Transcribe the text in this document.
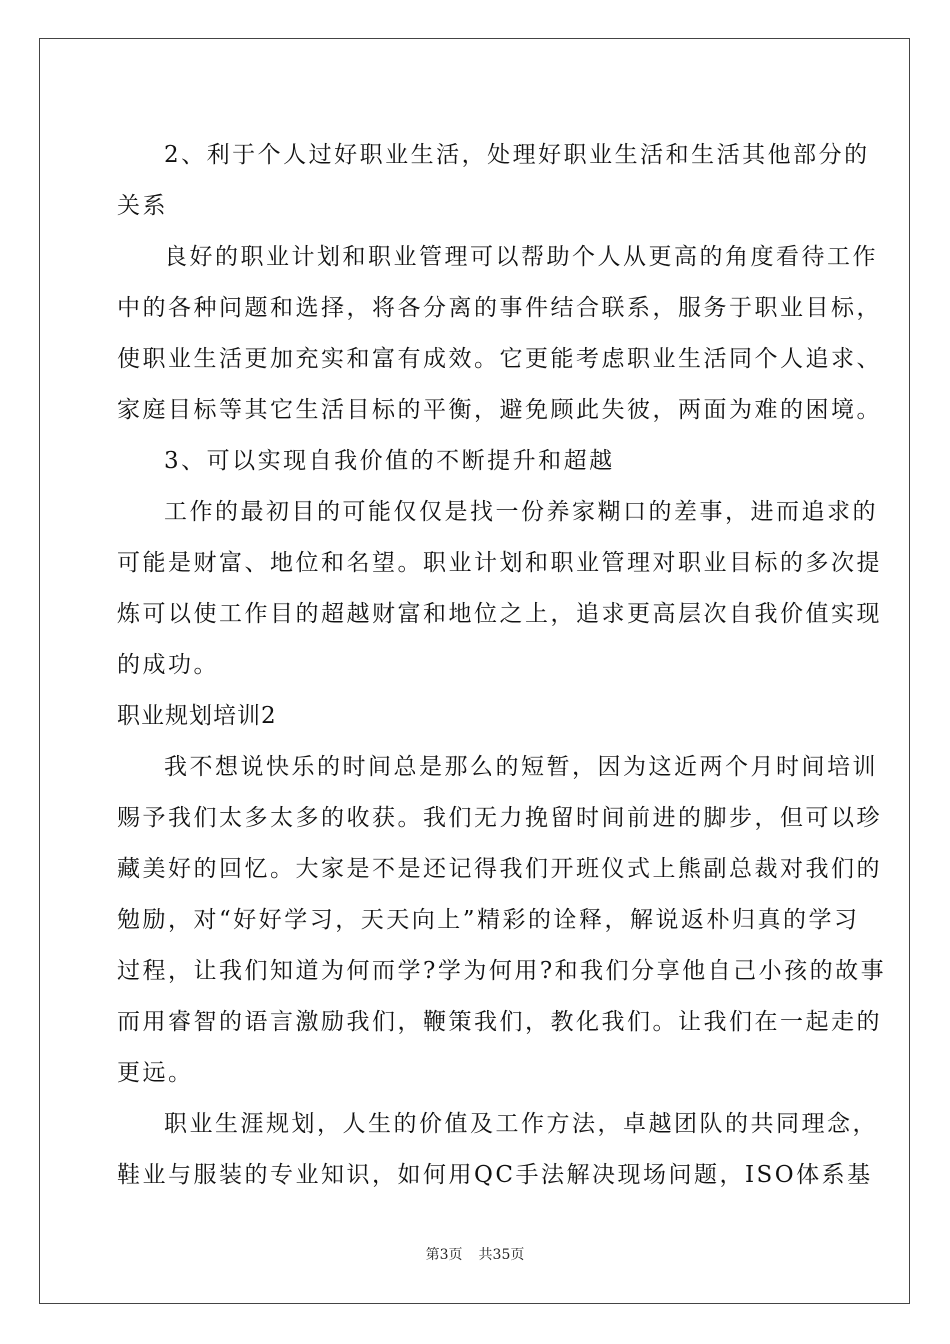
2、利于个人过好职业生活，处理好职业生活和生活其他部分的
关系
良好的职业计划和职业管理可以帮助个人从更高的角度看待工作
中的各种问题和选择，将各分离的事件结合联系，服务于职业目标，
使职业生活更加充实和富有成效。它更能考虑职业生活同个人追求、
家庭目标等其它生活目标的平衡，避免顾此失彼，两面为难的困境。
3、可以实现自我价值的不断提升和超越
工作的最初目的可能仅仅是找一份养家糊口的差事，进而追求的
可能是财富、地位和名望。职业计划和职业管理对职业目标的多次提
炼可以使工作目的超越财富和地位之上，追求更高层次自我价值实现
的成功。
职业规划培训2
我不想说快乐的时间总是那么的短暂，因为这近两个月时间培训
赐予我们太多太多的收获。我们无力挽留时间前进的脚步，但可以珍
藏美好的回忆。大家是不是还记得我们开班仪式上熊副总裁对我们的
勉励，对“好好学习，天天向上”精彩的诠释，解说返朴归真的学习
过程，让我们知道为何而学?学为何用?和我们分享他自己小孩的故事
而用睿智的语言激励我们，鞭策我们，教化我们。让我们在一起走的
更远。
职业生涯规划，人生的价值及工作方法，卓越团队的共同理念，
鞋业与服装的专业知识，如何用QC手法解决现场问题，ISO体系基
第3页 共35页
